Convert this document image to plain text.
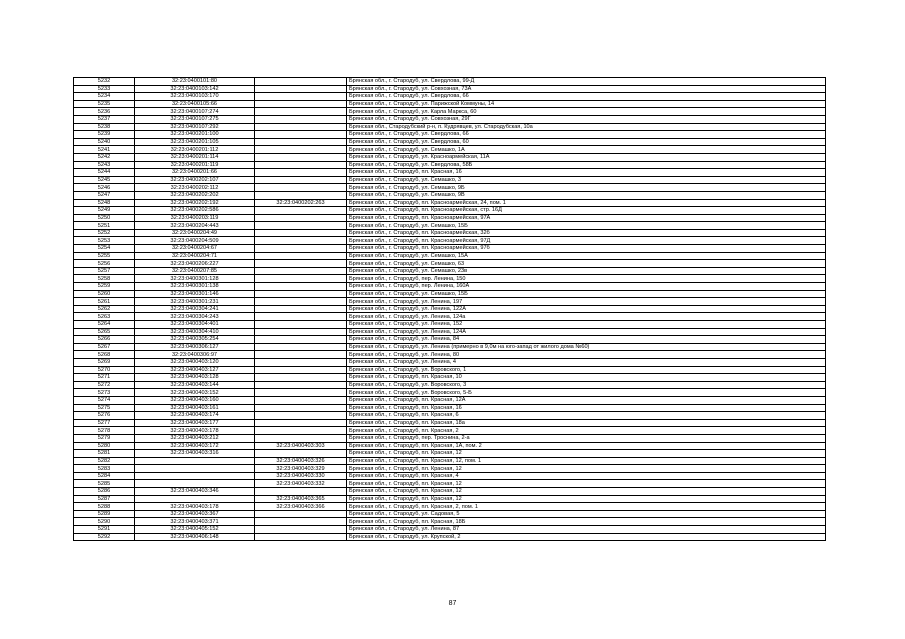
5232	32:23:0400101:80		Брянская обл., г. Стародуб, ул. Свердлова, 99-Д
5233	32:23:0400103:142		Брянская обл., г. Стародуб, ул. Совхозная, 73А
5234	32:23:0400103:170		Брянская обл., г. Стародуб, ул. Свердлова, 66
5235	32:23:0400105:66		Брянская обл., г. Стародуб, ул. Парижской Коммуны, 14
5236	32:23:0400107:274		Брянская обл., г. Стародуб, ул. Карла Маркса, 60
5237	32:23:0400107:275		Брянская обл., г. Стародуб, ул. Совхозная, 29Г
5238	32:23:0400107:292		Брянская обл., Стародубский р-н, п. Кудрявцев, ул. Стародубская, 10а
5239	32:23:0400201:100		Брянская обл., г. Стародуб, ул. Свердлова, 66
5240	32:23:0400201:105		Брянская обл., г. Стародуб, ул. Свердлова, 60
5241	32:23:0400201:112		Брянская обл., г. Стародуб, ул. Семашко, 1А
5242	32:23:0400201:114		Брянская обл., г. Стародуб, ул. Красноармейская, 11А
5243	32:23:0400201:119		Брянская обл., г. Стародуб, ул. Свердлова, 58Б
5244	32:23:0400201:66		Брянская обл., г. Стародуб, пл. Красная, 16
5245	32:23:0400202:107		Брянская обл., г. Стародуб, ул. Семашко, 3
5246	32:23:0400202:112		Брянская обл., г. Стародуб, ул. Семашко, 9Б
5247	32:23:0400202:202		Брянская обл., г. Стародуб, ул. Семашко, 9В
5248	32:23:0400202:192	32:23:0400202:263	Брянская обл., г. Стародуб, пл. Красноармейская, 24, пом. 1
5249	32:23:0400202:586		Брянская обл., г. Стародуб, пл. Красноармейская, стр. 16Д
5250	32:23:0400203:119		Брянская обл., г. Стародуб, пл. Красноармейская, 97А
5251	32:23:0400204:443		Брянская обл., г. Стародуб, ул. Семашко, 15Б
5252	32:23:0400204:49		Брянская обл., г. Стародуб, пл. Красноармейская, 32б
5253	32:23:0400204:509		Брянская обл., г. Стародуб, пл. Красноармейская, 97Д
5254	32:23:0400204:67		Брянская обл., г. Стародуб, пл. Красноармейская, 97б
5255	32:23:0400204:71		Брянская обл., г. Стародуб, ул. Семашко, 15А
5256	32:23:0400206:227		Брянская обл., г. Стародуб, ул. Семашко, 63
5257	32:23:0400207:85		Брянская обл., г. Стародуб, ул. Семашко, 23в
5258	32:23:0400301:128		Брянская обл., г. Стародуб, пер. Ленина, 150
5259	32:23:0400301:138		Брянская обл., г. Стародуб, пер. Ленина, 160А
5260	32:23:0400301:146		Брянская обл., г. Стародуб, ул. Семашко, 15Б
5261	32:23:0400301:231		Брянская обл., г. Стародуб, ул. Ленина, 197
5262	32:23:0400304:241		Брянская обл., г. Стародуб, ул. Ленина, 122А
5263	32:23:0400304:243		Брянская обл., г. Стародуб, ул. Ленина, 124а
5264	32:23:0400304:401		Брянская обл., г. Стародуб, ул. Ленина, 152
5265	32:23:0400304:410		Брянская обл., г. Стародуб, ул. Ленина, 124А
5266	32:23:0400305:254		Брянская обл., г. Стародуб, ул. Ленина, 84
5267	32:23:0400306:127		Брянская обл., г. Стародуб, ул. Ленина (примерно в 9,0м на юго-запад от жилого дома №60)
5268	32:23:0400306:97		Брянская обл., г. Стародуб, ул. Ленина, 80
5269	32:23:0400403:120		Брянская обл., г. Стародуб, ул. Ленина, 4
5270	32:23:0400403:127		Брянская обл., г. Стародуб, ул. Воровского, 1
5271	32:23:0400403:128		Брянская обл., г. Стародуб, пл. Красная, 10
5272	32:23:0400403:144		Брянская обл., г. Стародуб, ул. Воровского, 3
5273	32:23:0400403:152		Брянская обл., г. Стародуб, ул. Воровского, 5-Б
5274	32:23:0400403:160		Брянская обл., г. Стародуб, пл. Красная, 12А
5275	32:23:0400403:161		Брянская обл., г. Стародуб, пл. Красная, 16
5276	32:23:0400403:174		Брянская обл., г. Стародуб, пл. Красная, 6
5277	32:23:0400403:177		Брянская обл., г. Стародуб, пл. Красная, 18а
5278	32:23:0400403:178		Брянская обл., г. Стародуб, пл. Красная, 2
5279	32:23:0400403:212		Брянская обл., г. Стародуб, пер. Троснина, 2-а
5280	32:23:0400403:172	32:23:0400403:303	Брянская обл., г. Стародуб, пл. Красная, 1А, пом. 2
5281	32:23:0400403:316		Брянская обл., г. Стародуб, пл. Красная, 12
5282		32:23:0400403:326	Брянская обл., г. Стародуб, пл. Красная, 12, пом. 1
5283		32:23:0400403:329	Брянская обл., г. Стародуб, пл. Красная, 12
5284		32:23:0400403:330	Брянская обл., г. Стародуб, пл. Красная, 4
5285		32:23:0400403:332	Брянская обл., г. Стародуб, пл. Красная, 12
5286	32:23:0400403:346		Брянская обл., г. Стародуб, пл. Красная, 12
5287		32:23:0400403:365	Брянская обл., г. Стародуб, пл. Красная, 12
5288	32:23:0400403:178	32:23:0400403:366	Брянская обл., г. Стародуб, пл. Красная, 2, пом. 1
5289	32:23:0400403:367		Брянская обл., г. Стародуб, ул. Садовая, 5
5290	32:23:0400403:371		Брянская обл., г. Стародуб, пл. Красная, 18Б
5291	32:23:0400405:152		Брянская обл., г. Стародуб, ул. Ленина, 87
5292	32:23:0400406:148		Брянская обл., г. Стародуб, ул. Крупской, 2
87
